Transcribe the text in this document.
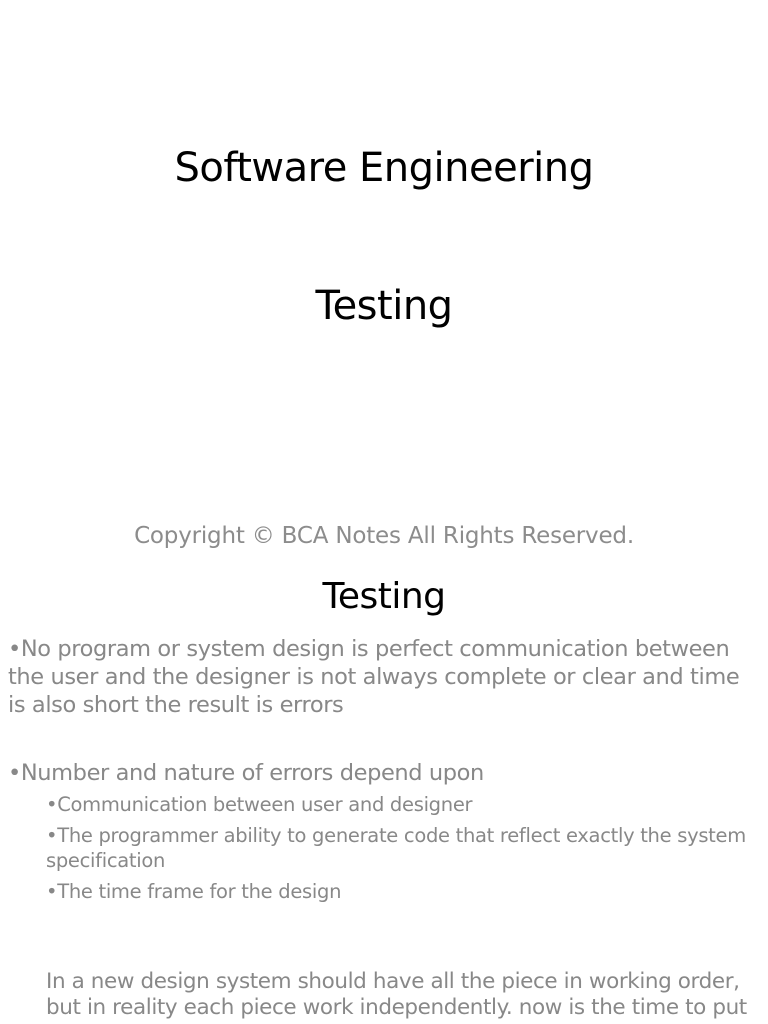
Software Engineering
Testing
Copyright © BCA Notes All Rights Reserved.
Testing
•No program or system design is perfect communication between the user and the designer is not always complete or clear and time is also short the result is errors
•Number and nature of errors depend upon
•Communication between user and designer
•The programmer ability to generate code that reflect exactly the system specification
•The time frame for the design
In a new design system should have all the piece in working order, but in reality each piece work independently. now is the time to put
